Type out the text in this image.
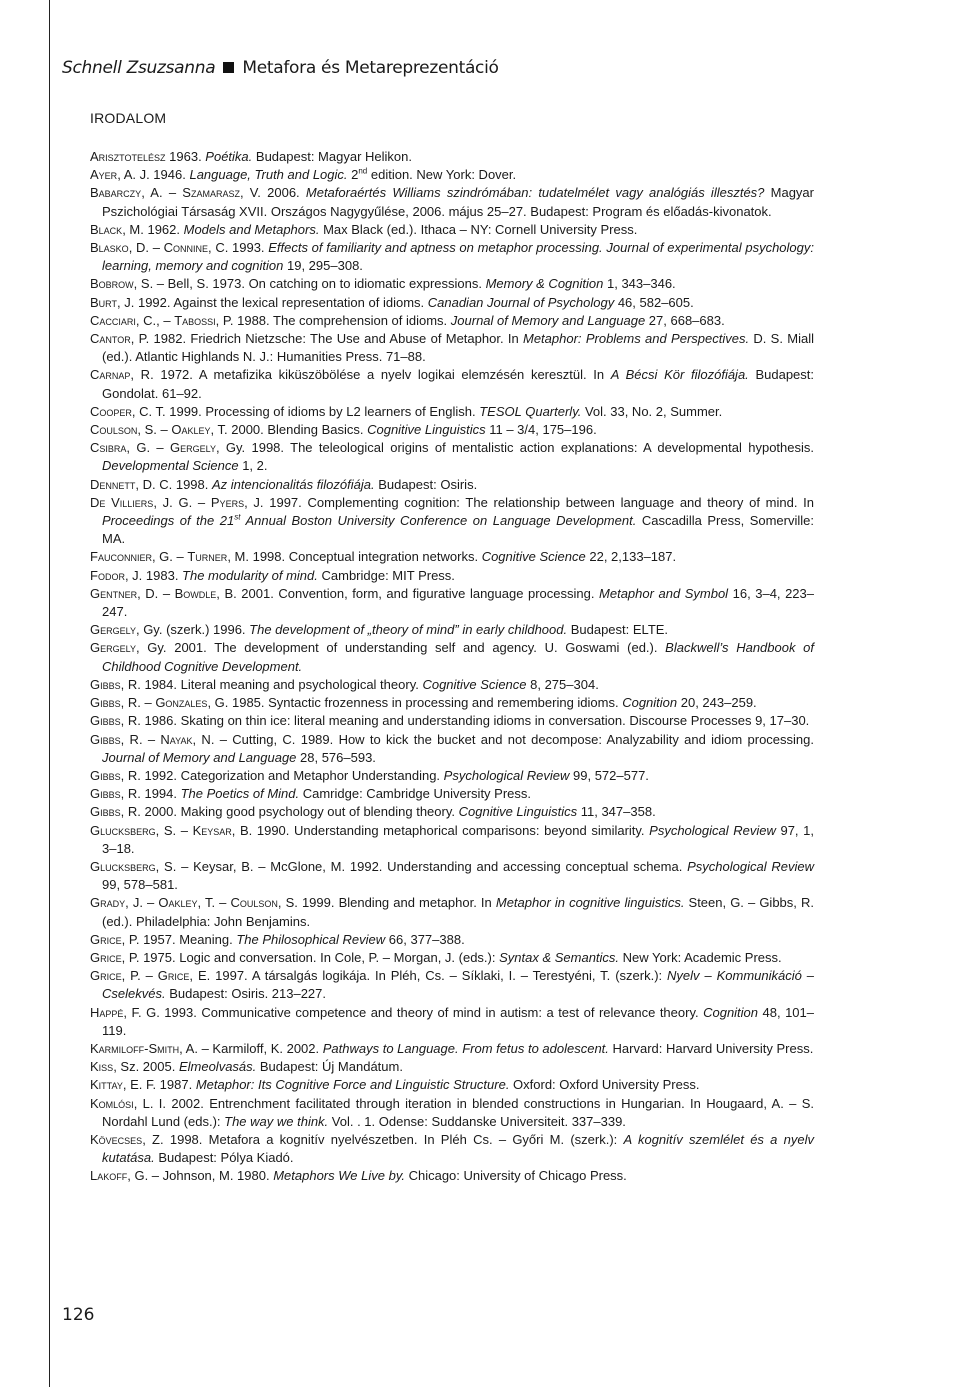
Schnell Zsuzsanna Metafora és Metareprezentáció
IRODALOM
Arisztotelész 1963. Poétika. Budapest: Magyar Helikon.
Ayer, A. J. 1946. Language, Truth and Logic. 2nd edition. New York: Dover.
Babarczy, A. – Szamarasz, V. 2006. Metaforaértés Williams szindrómában: tudatelmélet vagy analógiás illesztés? Magyar Pszichológiai Társaság XVII. Országos Nagygyűlése, 2006. május 25–27. Budapest: Program és előadás-kivonatok.
Black, M. 1962. Models and Metaphors. Max Black (ed.). Ithaca – NY: Cornell University Press.
Blasko, D. – Connine, C. 1993. Effects of familiarity and aptness on metaphor processing. Journal of experimental psychology: learning, memory and cognition 19, 295–308.
Bobrow, S. – Bell, S. 1973. On catching on to idiomatic expressions. Memory & Cognition 1, 343–346.
Burt, J. 1992. Against the lexical representation of idioms. Canadian Journal of Psychology 46, 582–605.
Cacciari, C., – Tabossi, P. 1988. The comprehension of idioms. Journal of Memory and Language 27, 668–683.
Cantor, P. 1982. Friedrich Nietzsche: The Use and Abuse of Metaphor. In Metaphor: Problems and Perspectives. D. S. Miall (ed.). Atlantic Highlands N. J.: Humanities Press. 71–88.
Carnap, R. 1972. A metafizika kiküszöbölése a nyelv logikai elemzésén keresztül. In A Bécsi Kör filozófiája. Budapest: Gondolat. 61–92.
Cooper, C. T. 1999. Processing of idioms by L2 learners of English. TESOL Quarterly. Vol. 33, No. 2, Summer.
Coulson, S. – Oakley, T. 2000. Blending Basics. Cognitive Linguistics 11 – 3/4, 175–196.
Csibra, G. – Gergely, Gy. 1998. The teleological origins of mentalistic action explanations: A developmental hypothesis. Developmental Science 1, 2.
Dennett, D. C. 1998. Az intencionalitás filozófiája. Budapest: Osiris.
De Villiers, J. G. – Pyers, J. 1997. Complementing cognition: The relationship between language and theory of mind. In Proceedings of the 21st Annual Boston University Conference on Language Development. Cascadilla Press, Somerville: MA.
Fauconnier, G. – Turner, M. 1998. Conceptual integration networks. Cognitive Science 22, 2,133–187.
Fodor, J. 1983. The modularity of mind. Cambridge: MIT Press.
Gentner, D. – Bowdle, B. 2001. Convention, form, and figurative language processing. Metaphor and Symbol 16, 3–4, 223–247.
Gergely, Gy. (szerk.) 1996. The development of „theory of mind” in early childhood. Budapest: ELTE.
Gergely, Gy. 2001. The development of understanding self and agency. U. Goswami (ed.). Blackwell’s Handbook of Childhood Cognitive Development.
Gibbs, R. 1984. Literal meaning and psychological theory. Cognitive Science 8, 275–304.
Gibbs, R. – Gonzales, G. 1985. Syntactic frozenness in processing and remembering idioms. Cognition 20, 243–259.
Gibbs, R. 1986. Skating on thin ice: literal meaning and understanding idioms in conversation. Discourse Processes 9, 17–30.
Gibbs, R. – Nayak, N. – Cutting, C. 1989. How to kick the bucket and not decompose: Analyzability and idiom processing. Journal of Memory and Language 28, 576–593.
Gibbs, R. 1992. Categorization and Metaphor Understanding. Psychological Review 99, 572–577.
Gibbs, R. 1994. The Poetics of Mind. Camridge: Cambridge University Press.
Gibbs, R. 2000. Making good psychology out of blending theory. Cognitive Linguistics 11, 347–358.
Glucksberg, S. – Keysar, B. 1990. Understanding metaphorical comparisons: beyond similarity. Psychological Review 97, 1, 3–18.
Glucksberg, S. – Keysar, B. – McGlone, M. 1992. Understanding and accessing conceptual schema. Psychological Review 99, 578–581.
Grady, J. – Oakley, T. – Coulson, S. 1999. Blending and metaphor. In Metaphor in cognitive linguistics. Steen, G. – Gibbs, R. (ed.). Philadelphia: John Benjamins.
Grice, P. 1957. Meaning. The Philosophical Review 66, 377–388.
Grice, P. 1975. Logic and conversation. In Cole, P. – Morgan, J. (eds.): Syntax & Semantics. New York: Academic Press.
Grice, P. – Grice, E. 1997. A társalgás logikája. In Pléh, Cs. – Síklaki, I. – Terestyéni, T. (szerk.): Nyelv – Kommunikáció – Cselekvés. Budapest: Osiris. 213–227.
Happé, F. G. 1993. Communicative competence and theory of mind in autism: a test of relevance theory. Cognition 48, 101–119.
Karmiloff-Smith, A. – Karmiloff, K. 2002. Pathways to Language. From fetus to adolescent. Harvard: Harvard University Press.
Kiss, Sz. 2005. Elmeolvasás. Budapest: Új Mandátum.
Kittay, E. F. 1987. Metaphor: Its Cognitive Force and Linguistic Structure. Oxford: Oxford University Press.
Komlósi, L. I. 2002. Entrenchment facilitated through iteration in blended constructions in Hungarian. In Hougaard, A. – S. Nordahl Lund (eds.): The way we think. Vol. . 1. Odense: Suddanske Universiteit. 337–339.
Kövecses, Z. 1998. Metafora a kognitív nyelvészetben. In Pléh Cs. – Győri M. (szerk.): A kognitív szemlélet és a nyelv kutatása. Budapest: Pólya Kiadó.
Lakoff, G. – Johnson, M. 1980. Metaphors We Live by. Chicago: University of Chicago Press.
126
